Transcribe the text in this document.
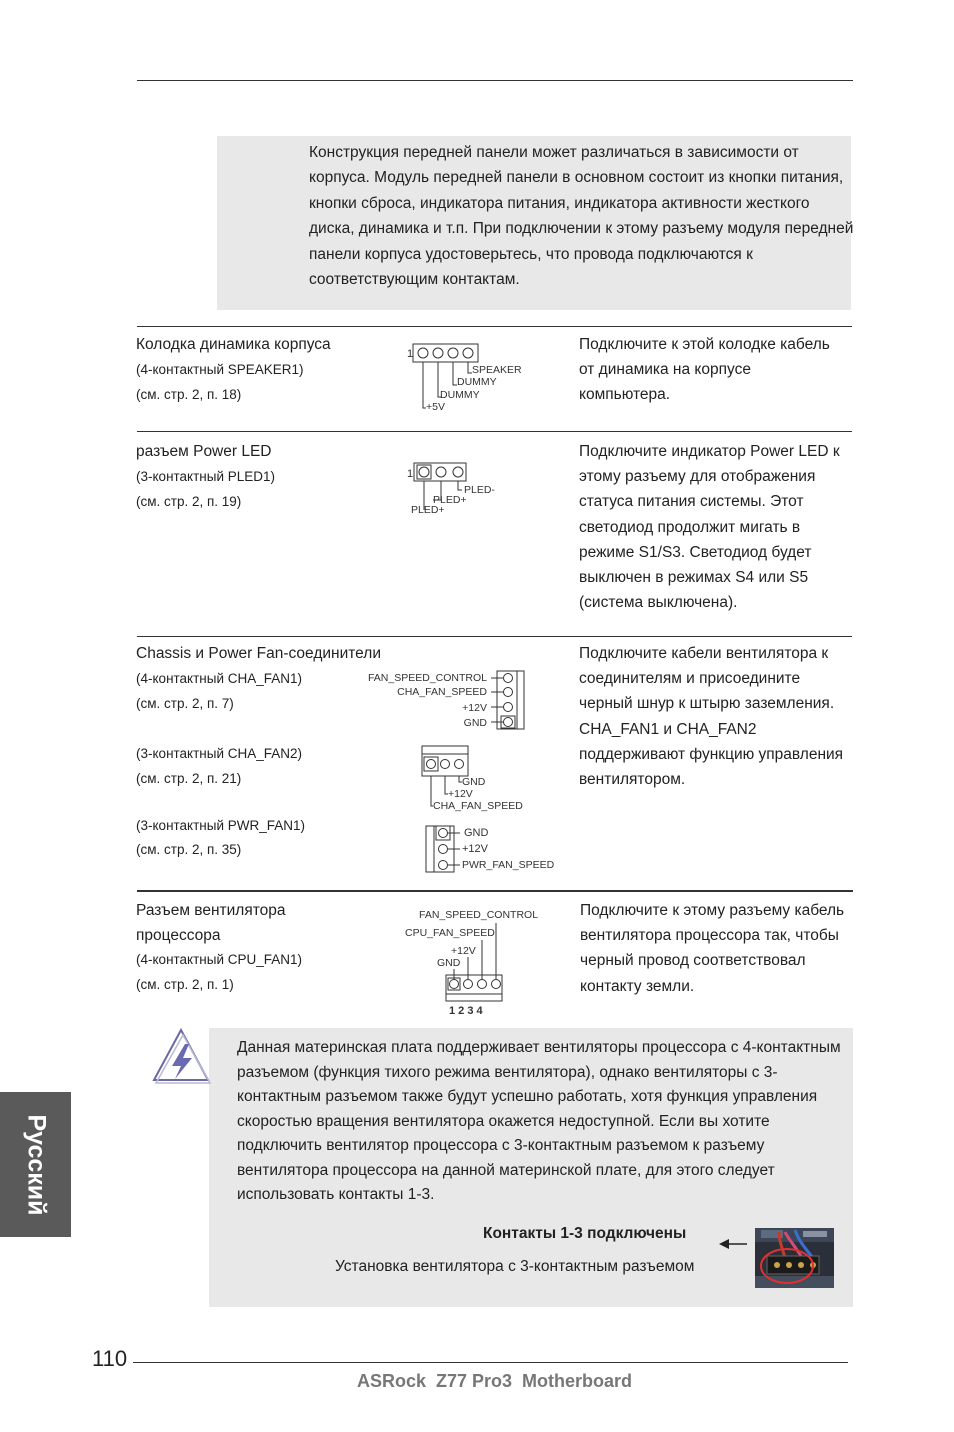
Конструкция передней панели может различаться в зависимости от корпуса. Модуль передней панели в основном состоит из кнопки питания, кнопки сброса, индикатора питания, индикатора активности жесткого диска, динамика и т.п. При подключении к этому разъему модуля передней панели корпуса удостоверьтесь, что провода подключаются к соответствующим контактам.

Колодка динамика корпуса
(4-контактный SPEAKER1)
(см. стр. 2, п. 18)
Подключите к этой колодке кабель от динамика на корпусе компьютера.
1
SPEAKER
DUMMY
DUMMY
+5V
разъем Power LED
(3-контактный PLED1)
(см. стр. 2, п. 19)
Подключите индикатор Power LED к этому разъему для отображения статуса питания системы. Этот светодиод продолжит мигать в режиме S1/S3. Светодиод будет выключен в режимах S4 или S5 (система выключена).
1
PLED-
PLED+
PLED+
Chassis и Power Fan-соединители
(4-контактный CHA_FAN1)
(см. стр. 2, п. 7)
(3-контактный CHA_FAN2)
(см. стр. 2, п. 21)
(3-контактный PWR_FAN1)
(см. стр. 2, п. 35)
Подключите кабели вентилятора к соединителям и присоедините черный шнур к штырю заземления. CHA_FAN1 и CHA_FAN2 поддерживают функцию управления вентилятором.
FAN_SPEED_CONTROL
CHA_FAN_SPEED
+12V
GND
GND
+12V
CHA_FAN_SPEED
GND
+12V
PWR_FAN_SPEED
Разъем вентилятора
процессора
(4-контактный CPU_FAN1)
(см. стр. 2, п. 1)
Подключите к этому разъему кабель вентилятора процессора так, чтобы черный провод соответствовал контакту земли.
FAN_SPEED_CONTROL
CPU_FAN_SPEED
+12V
GND
1 2 3 4

Данная материнская плата поддерживает вентиляторы процессора с 4-контактным разъемом (функция тихого режима вентилятора), однако вентиляторы с 3-контактным разъемом также будут успешно работать, хотя функция управления скоростью вращения вентилятора окажется недоступной. Если вы хотите подключить вентилятор процессора с 3-контактным разъемом к разъему вентилятора процессора на данной материнской плате, для этого следует использовать контакты 1-3.

Контакты 1-3 подключены
Установка вентилятора с 3-контактным разъемом
Русский
110
ASRock  Z77 Pro3  Motherboard
